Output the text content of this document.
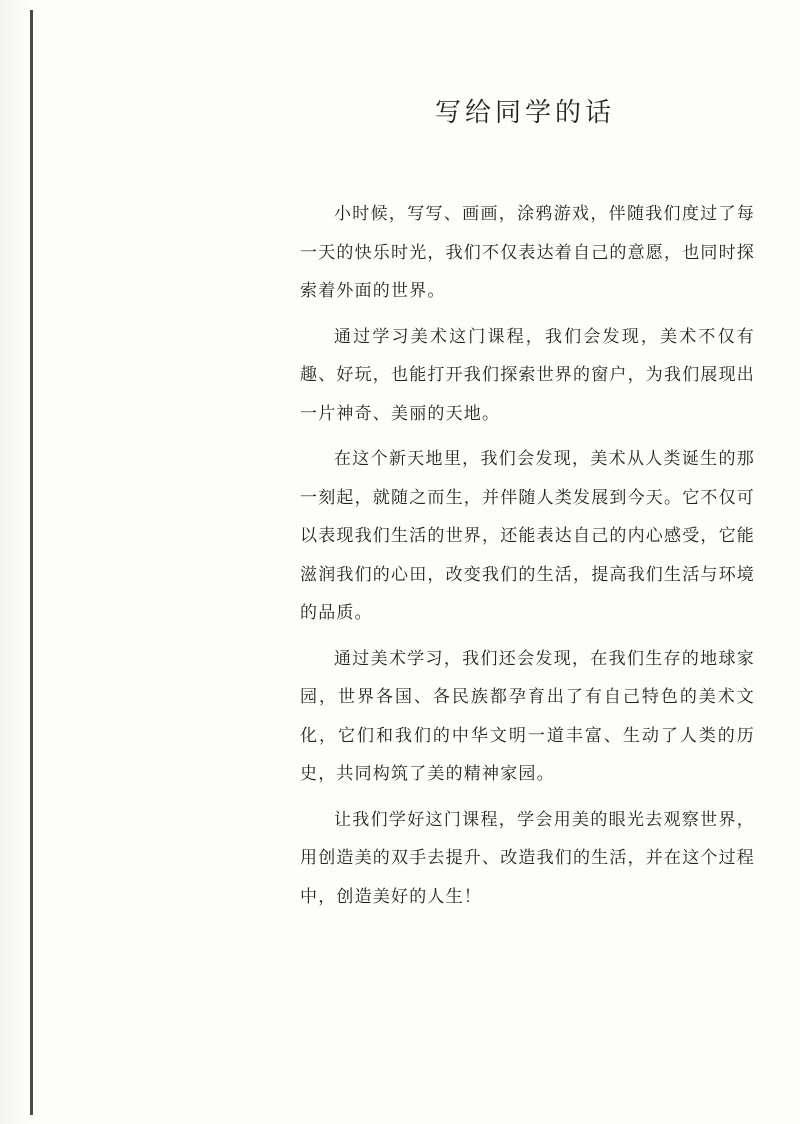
写给同学的话

小时候，写写、画画，涂鸦游戏，伴随我们度过了每一天的快乐时光，我们不仅表达着自己的意愿，也同时探索着外面的世界。

通过学习美术这门课程，我们会发现，美术不仅有趣、好玩，也能打开我们探索世界的窗户，为我们展现出一片神奇、美丽的天地。

在这个新天地里，我们会发现，美术从人类诞生的那一刻起，就随之而生，并伴随人类发展到今天。它不仅可以表现我们生活的世界，还能表达自己的内心感受，它能滋润我们的心田，改变我们的生活，提高我们生活与环境的品质。

通过美术学习，我们还会发现，在我们生存的地球家园，世界各国、各民族都孕育出了有自己特色的美术文化，它们和我们的中华文明一道丰富、生动了人类的历史，共同构筑了美的精神家园。

让我们学好这门课程，学会用美的眼光去观察世界，用创造美的双手去提升、改造我们的生活，并在这个过程中，创造美好的人生！
